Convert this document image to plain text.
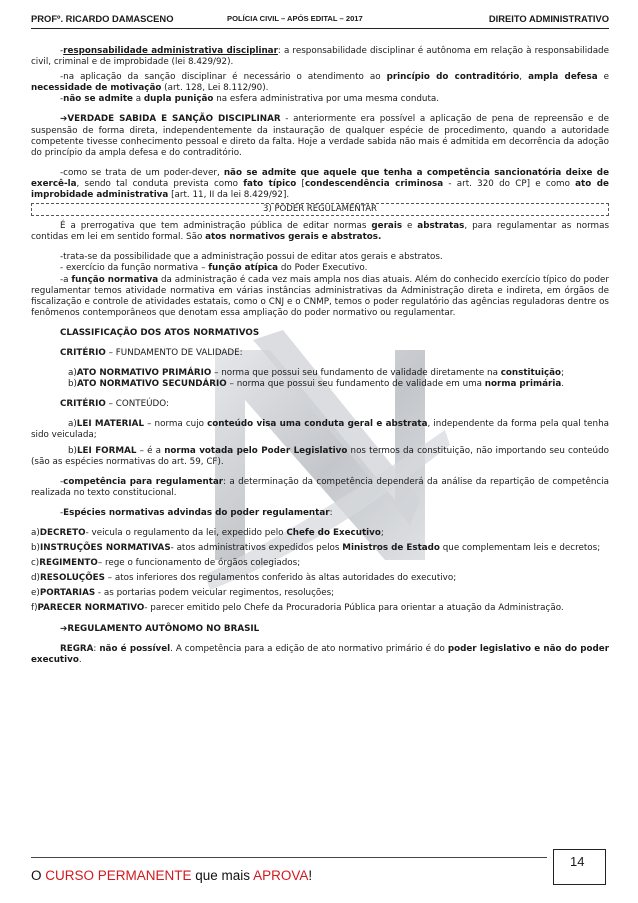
PROFº. RICARDO DAMASCENO	POLÍCIA CIVIL – APÓS EDITAL – 2017	DIREITO ADMINISTRATIVO

-responsabilidade administrativa disciplinar: a responsabilidade disciplinar é autônoma em relação à responsabilidade civil, criminal e de improbidade (lei 8.429/92).

-na aplicação da sanção disciplinar é necessário o atendimento ao princípio do contraditório, ampla defesa e necessidade de motivação (art. 128, Lei 8.112/90).

-não se admite a dupla punição na esfera administrativa por uma mesma conduta.

➔VERDADE SABIDA E SANÇÃO DISCIPLINAR - anteriormente era possível a aplicação de pena de repreensão e de suspensão de forma direta, independentemente da instauração de qualquer espécie de procedimento, quando a autoridade competente tivesse conhecimento pessoal e direto da falta. Hoje a verdade sabida não mais é admitida em decorrência da adoção do princípio da ampla defesa e do contraditório.

-como se trata de um poder-dever, não se admite que aquele que tenha a competência sancionatória deixe de exercê-la, sendo tal conduta prevista como fato típico [condescendência criminosa - art. 320 do CP] e como ato de improbidade administrativa [art. 11, II da lei 8.429/92].

3) PODER REGULAMENTAR

É a prerrogativa que tem administração pública de editar normas gerais e abstratas, para regulamentar as normas contidas em lei em sentido formal. São atos normativos gerais e abstratos.

-trata-se da possibilidade que a administração possui de editar atos gerais e abstratos.

- exercício da função normativa – função atípica do Poder Executivo.

-a função normativa da administração é cada vez mais ampla nos dias atuais. Além do conhecido exercício típico do poder regulamentar temos atividade normativa em várias instâncias administrativas da Administração direta e indireta, em órgãos de fiscalização e controle de atividades estatais, como o CNJ e o CNMP, temos o poder regulatório das agências reguladoras dentre os fenômenos contemporâneos que denotam essa ampliação do poder normativo ou regulamentar.

CLASSIFICAÇÃO DOS ATOS NORMATIVOS

CRITÉRIO – FUNDAMENTO DE VALIDADE:

a)ATO NORMATIVO PRIMÁRIO – norma que possui seu fundamento de validade diretamente na constituição;

b)ATO NORMATIVO SECUNDÁRIO – norma que possui seu fundamento de validade em uma norma primária.

CRITÉRIO – CONTEÚDO:

a)LEI MATERIAL – norma cujo conteúdo visa uma conduta geral e abstrata, independente da forma pela qual tenha sido veiculada;

b)LEI FORMAL – é a norma votada pelo Poder Legislativo nos termos da constituição, não importando seu conteúdo (são as espécies normativas do art. 59, CF).

-competência para regulamentar: a determinação da competência dependerá da análise da repartição de competência realizada no texto constitucional.

-Espécies normativas advindas do poder regulamentar:

a)DECRETO- veicula o regulamento da lei, expedido pelo Chefe do Executivo;

b)INSTRUÇÕES NORMATIVAS- atos administrativos expedidos pelos Ministros de Estado que complementam leis e decretos;

c)REGIMENTO– rege o funcionamento de órgãos colegiados;

d)RESOLUÇÕES – atos inferiores dos regulamentos conferido às altas autoridades do executivo;

e)PORTARIAS - as portarias podem veicular regimentos, resoluções;

f)PARECER NORMATIVO- parecer emitido pelo Chefe da Procuradoria Pública para orientar a atuação da Administração.

➔REGULAMENTO AUTÔNOMO NO BRASIL

REGRA: não é possível. A competência para a edição de ato normativo primário é do poder legislativo e não do poder executivo.

O CURSO PERMANENTE que mais APROVA!
14
